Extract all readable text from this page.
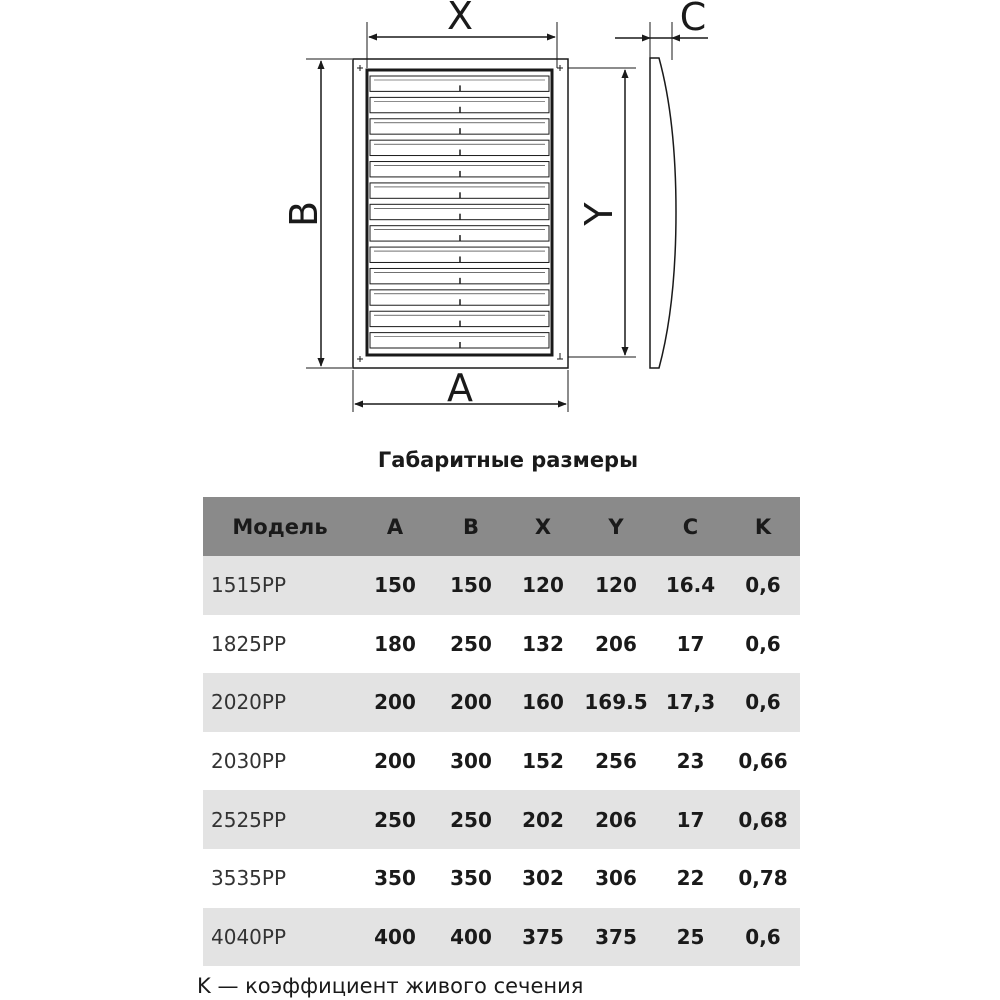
X	C
A
B	Y
Габаритные размеры
Модель	A	B	X	Y	C	K
1515PP	150	150	120	120	16.4	0,6
1825PP	180	250	132	206	17	0,6
2020PP	200	200	160	169.5	17,3	0,6
2030PP	200	300	152	256	23	0,66
2525PP	250	250	202	206	17	0,68
3535PP	350	350	302	306	22	0,78
4040PP	400	400	375	375	25	0,6
K — коэффициент живого сечения
